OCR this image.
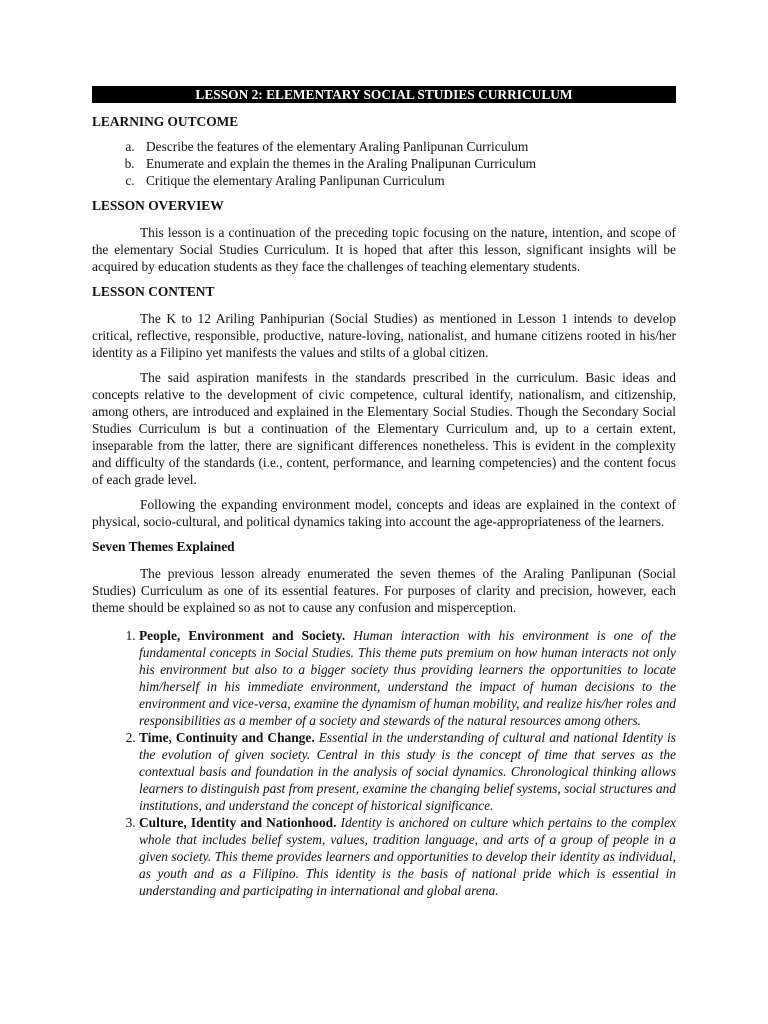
LESSON 2: ELEMENTARY SOCIAL STUDIES CURRICULUM
LEARNING OUTCOME
a. Describe the features of the elementary Araling Panlipunan Curriculum
b. Enumerate and explain the themes in the Araling Pnalipunan Curriculum
c. Critique the elementary Araling Panlipunan Curriculum
LESSON OVERVIEW

This lesson is a continuation of the preceding topic focusing on the nature, intention, and scope of the elementary Social Studies Curriculum. It is hoped that after this lesson, significant insights will be acquired by education students as they face the challenges of teaching elementary students.

LESSON CONTENT

The K to 12 Ariling Panhipurian (Social Studies) as mentioned in Lesson 1 intends to develop critical, reflective, responsible, productive, nature-loving, nationalist, and humane citizens rooted in his/her identity as a Filipino yet manifests the values and stilts of a global citizen.

The said aspiration manifests in the standards prescribed in the curriculum. Basic ideas and concepts relative to the development of civic competence, cultural identify, nationalism, and citizenship, among others, are introduced and explained in the Elementary Social Studies. Though the Secondary Social Studies Curriculum is but a continuation of the Elementary Curriculum and, up to a certain extent, inseparable from the latter, there are significant differences nonetheless. This is evident in the complexity and difficulty of the standards (i.e., content, performance, and learning competencies) and the content focus of each grade level.

Following the expanding environment model, concepts and ideas are explained in the context of physical, socio-cultural, and political dynamics taking into account the age-appropriateness of the learners.

Seven Themes Explained

The previous lesson already enumerated the seven themes of the Araling Panlipunan (Social Studies) Curriculum as one of its essential features. For purposes of clarity and precision, however, each theme should be explained so as not to cause any confusion and misperception.

1. People, Environment and Society. Human interaction with his environment is one of the fundamental concepts in Social Studies. This theme puts premium on how human interacts not only his environment but also to a bigger society thus providing learners the opportunities to locate him/herself in his immediate environment, understand the impact of human decisions to the environment and vice-versa, examine the dynamism of human mobility, and realize his/her roles and responsibilities as a member of a society and stewards of the natural resources among others.
2. Time, Continuity and Change. Essential in the understanding of cultural and national Identity is the evolution of given society. Central in this study is the concept of time that serves as the contextual basis and foundation in the analysis of social dynamics. Chronological thinking allows learners to distinguish past from present, examine the changing belief systems, social structures and institutions, and understand the concept of historical significance.
3. Culture, Identity and Nationhood. Identity is anchored on culture which pertains to the complex whole that includes belief system, values, tradition language, and arts of a group of people in a given society. This theme provides learners and opportunities to develop their identity as individual, as youth and as a Filipino. This identity is the basis of national pride which is essential in understanding and participating in international and global arena.
